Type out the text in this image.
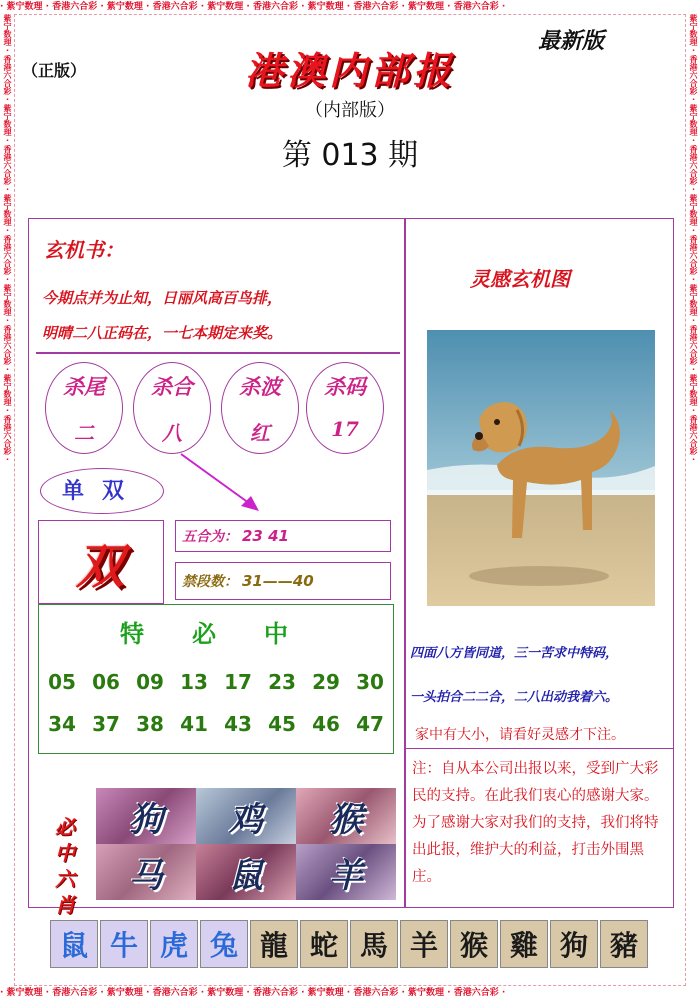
· 紫宁数理 · 香港六合彩 · 紫宁数理 · 香港六合彩 · 紫宁数理 · 香港六合彩 · 紫宁数理 · 香港六合彩 · 紫宁数理 · 香港六合彩 ·
· 紫宁数理 · 香港六合彩 · 紫宁数理 · 香港六合彩 · 紫宁数理 · 香港六合彩 · 紫宁数理 · 香港六合彩 · 紫宁数理 · 香港六合彩 ·
紫宁数理·香港六合彩·紫宁数理·香港六合彩·紫宁数理·香港六合彩·紫宁数理·香港六合彩·紫宁数理·香港六合彩·	紫宁数理·香港六合彩·紫宁数理·香港六合彩·紫宁数理·香港六合彩·紫宁数理·香港六合彩·紫宁数理·香港六合彩·
（正版）
最新版
港澳内部报
（内部版）
第 013 期
玄机书：
今期点并为止知，日丽风高百鸟排，
明晴二八正码在，一七本期定来奖。
杀尾
二
杀合
八
杀波
红
杀码
17
单双
双
五合为： 23 41
禁段数： 31——40
特必中
05 06 09 13 17 23 29 30
34 37 38 41 43 45 46 47
必
中
六
肖
狗 鸡 猴
马 鼠 羊
灵感玄机图
四面八方皆同道，三一苦求中特码，
一头拍合二二合，二八出动我着六。
家中有大小，请看好灵感才下注。
注：自从本公司出报以来，受到广大彩民的支持。在此我们衷心的感谢大家。为了感谢大家对我们的支持，我们将特出此报，维护大的利益，打击外围黑庄。
鼠 牛 虎 兔 龍 蛇 馬 羊 猴 雞 狗 豬
